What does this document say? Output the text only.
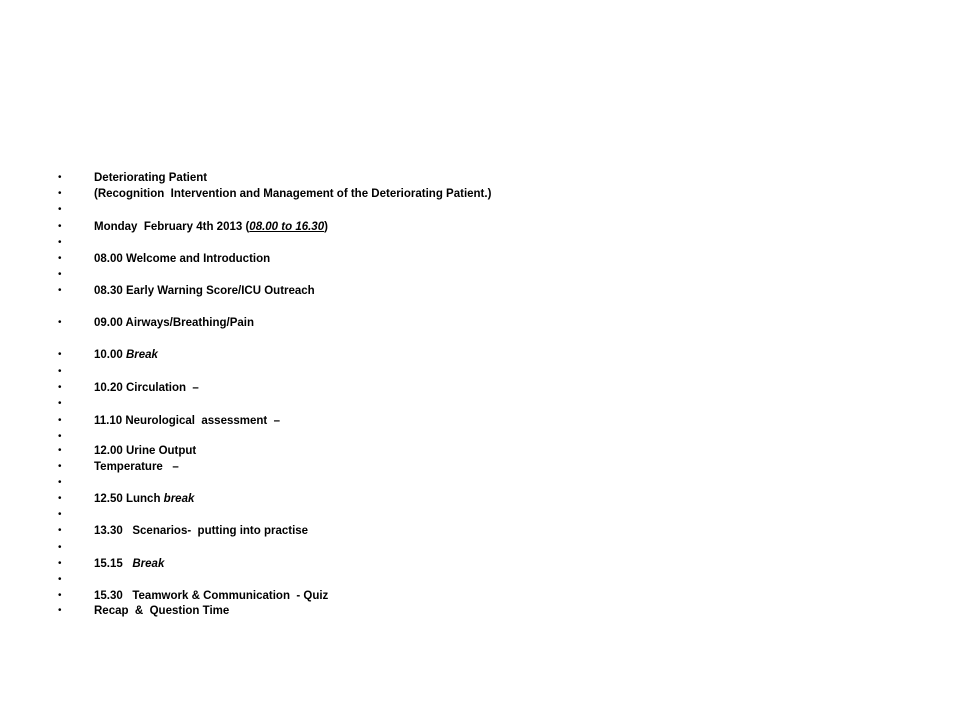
•	Deteriorating Patient
•	(Recognition  Intervention and Management of the Deteriorating Patient.)
•
•	Monday  February 4th 2013 (08.00 to 16.30)
•
•	08.00 Welcome and Introduction
•
•	08.30 Early Warning Score/ICU Outreach
•	09.00 Airways/Breathing/Pain
•	10.00 Break
•
•	10.20 Circulation  –
•
•	11.10 Neurological  assessment  –
•
•	12.00 Urine Output
•	Temperature   –
•
•	12.50 Lunch break
•
•	13.30   Scenarios-  putting into practise
•
•	15.15   Break
•
•	15.30   Teamwork & Communication  - Quiz
•	Recap  &  Question Time
